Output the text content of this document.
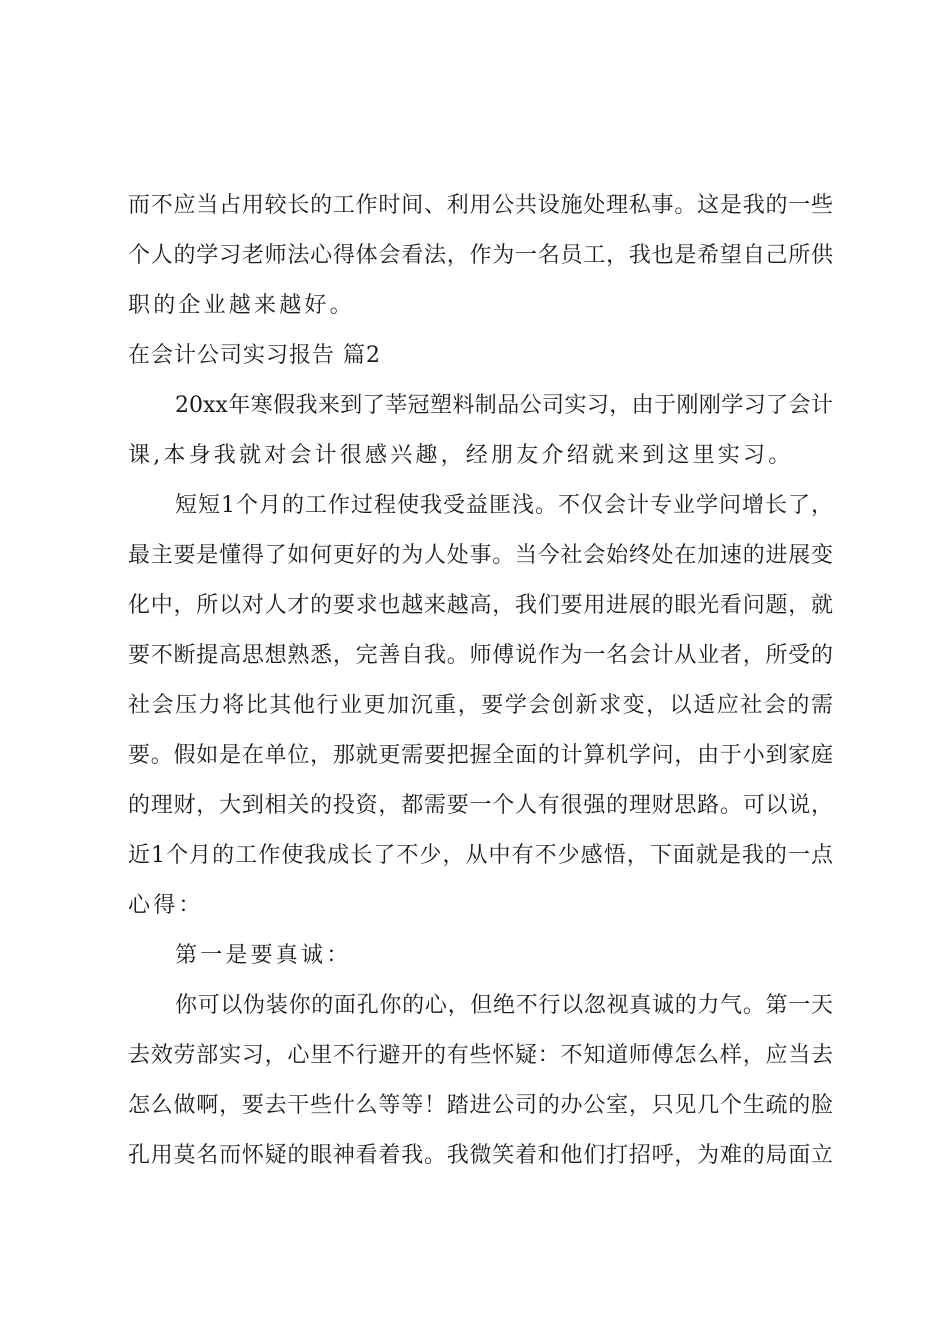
而不应当占用较长的工作时间、利用公共设施处理私事。这是我的一些
个人的学习老师法心得体会看法，作为一名员工，我也是希望自己所供
职的企业越来越好。
在会计公司实习报告 篇2
20xx年寒假我来到了莘冠塑料制品公司实习，由于刚刚学习了会计
课,本身我就对会计很感兴趣，经朋友介绍就来到这里实习。
短短1个月的工作过程使我受益匪浅。不仅会计专业学问增长了，
最主要是懂得了如何更好的为人处事。当今社会始终处在加速的进展变
化中，所以对人才的要求也越来越高，我们要用进展的眼光看问题，就
要不断提高思想熟悉，完善自我。师傅说作为一名会计从业者，所受的
社会压力将比其他行业更加沉重，要学会创新求变，以适应社会的需
要。假如是在单位，那就更需要把握全面的计算机学问，由于小到家庭
的理财，大到相关的投资，都需要一个人有很强的理财思路。可以说，
近1个月的工作使我成长了不少，从中有不少感悟，下面就是我的一点
心得：
第一是要真诚：
你可以伪装你的面孔你的心，但绝不行以忽视真诚的力气。第一天
去效劳部实习，心里不行避开的有些怀疑：不知道师傅怎么样，应当去
怎么做啊，要去干些什么等等！踏进公司的办公室，只见几个生疏的脸
孔用莫名而怀疑的眼神看着我。我微笑着和他们打招呼，为难的局面立
